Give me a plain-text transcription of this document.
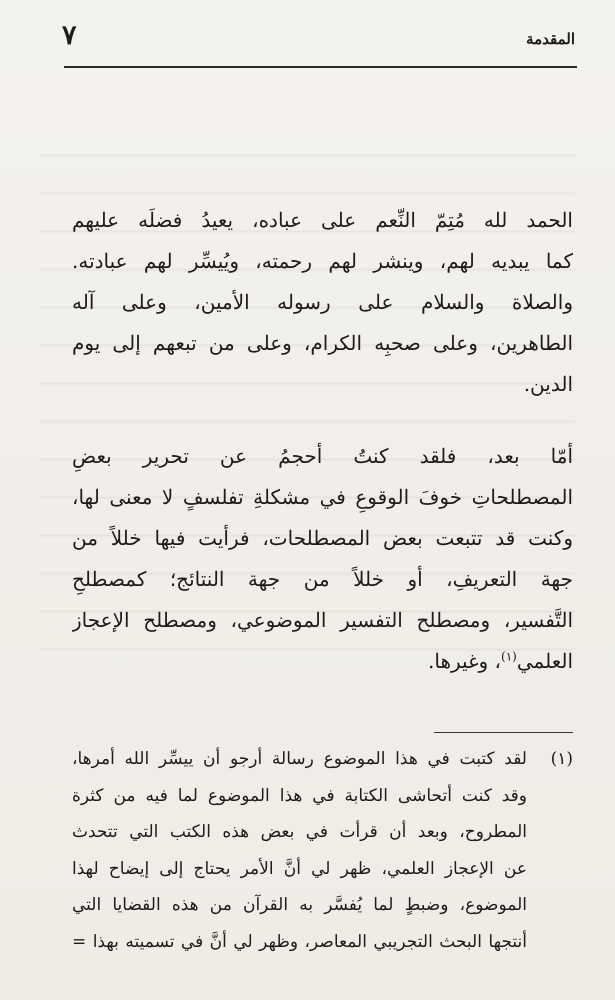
المقدمة
٧

الحمد لله مُتِمّ النِّعم على عباده، يعيدُ فضلَه عليهم
كما يبديه لهم، وينشر لهم رحمته، ويُيسِّر لهم عبادته.
والصلاة والسلام على رسوله الأمين، وعلى آله
الطاهرين، وعلى صحبِه الكرام، وعلى من تبعهم إلى يوم
الدين.

أمّا بعد، فلقد كنتُ أحجمُ عن تحرير بعضِ
المصطلحاتِ خوفَ الوقوعِ في مشكلةِ تفلسفٍ لا معنى لها،
وكنت قد تتبعت بعض المصطلحات، فرأيت فيها خللاً من
جهة التعريفِ، أو خللاً من جهة النتائج؛ كمصطلحِ
التَّفسير، ومصطلح التفسير الموضوعي، ومصطلح الإعجاز
العلمي$^{(١)}$، وغيرها.

(١)
لقد كتبت في هذا الموضوع رسالة أرجو أن ييسِّر الله أمرها،
وقد كنت أتحاشى الكتابة في هذا الموضوع لما فيه من كثرة
المطروح، وبعد أن قرأت في بعض هذه الكتب التي تتحدث
عن الإعجاز العلمي، ظهر لي أنَّ الأمر يحتاج إلى إيضاح لهذا
الموضوع، وضبطٍ لما يُفسَّر به القرآن من هذه القضايا التي
أنتجها البحث التجريبي المعاصر، وظهر لي أنَّ في تسميته بهذا =
